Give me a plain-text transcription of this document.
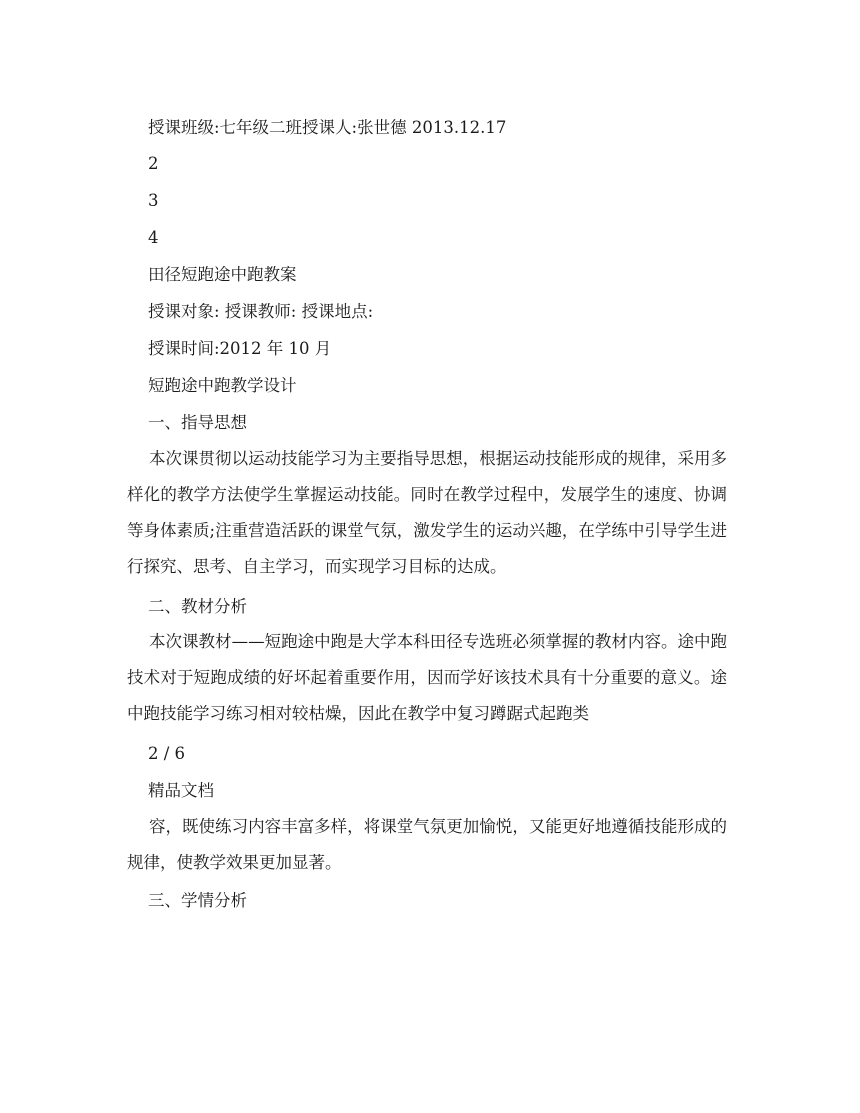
授课班级:七年级二班授课人:张世德 2013.12.17
2
3
4
田径短跑途中跑教案
授课对象: 授课教师: 授课地点:
授课时间:2012 年 10 月
短跑途中跑教学设计
一、指导思想

本次课贯彻以运动技能学习为主要指导思想，根据运动技能形成的规律，采用多样化的教学方法使学生掌握运动技能。同时在教学过程中，发展学生的速度、协调等身体素质;注重营造活跃的课堂气氛，激发学生的运动兴趣，在学练中引导学生进行探究、思考、自主学习，而实现学习目标的达成。

二、教材分析

本次课教材——短跑途中跑是大学本科田径专选班必须掌握的教材内容。途中跑技术对于短跑成绩的好坏起着重要作用，因而学好该技术具有十分重要的意义。途中跑技能学习练习相对较枯燥，因此在教学中复习蹲踞式起跑类

2 / 6
精品文档

容，既使练习内容丰富多样，将课堂气氛更加愉悦，又能更好地遵循技能形成的规律，使教学效果更加显著。

三、学情分析
